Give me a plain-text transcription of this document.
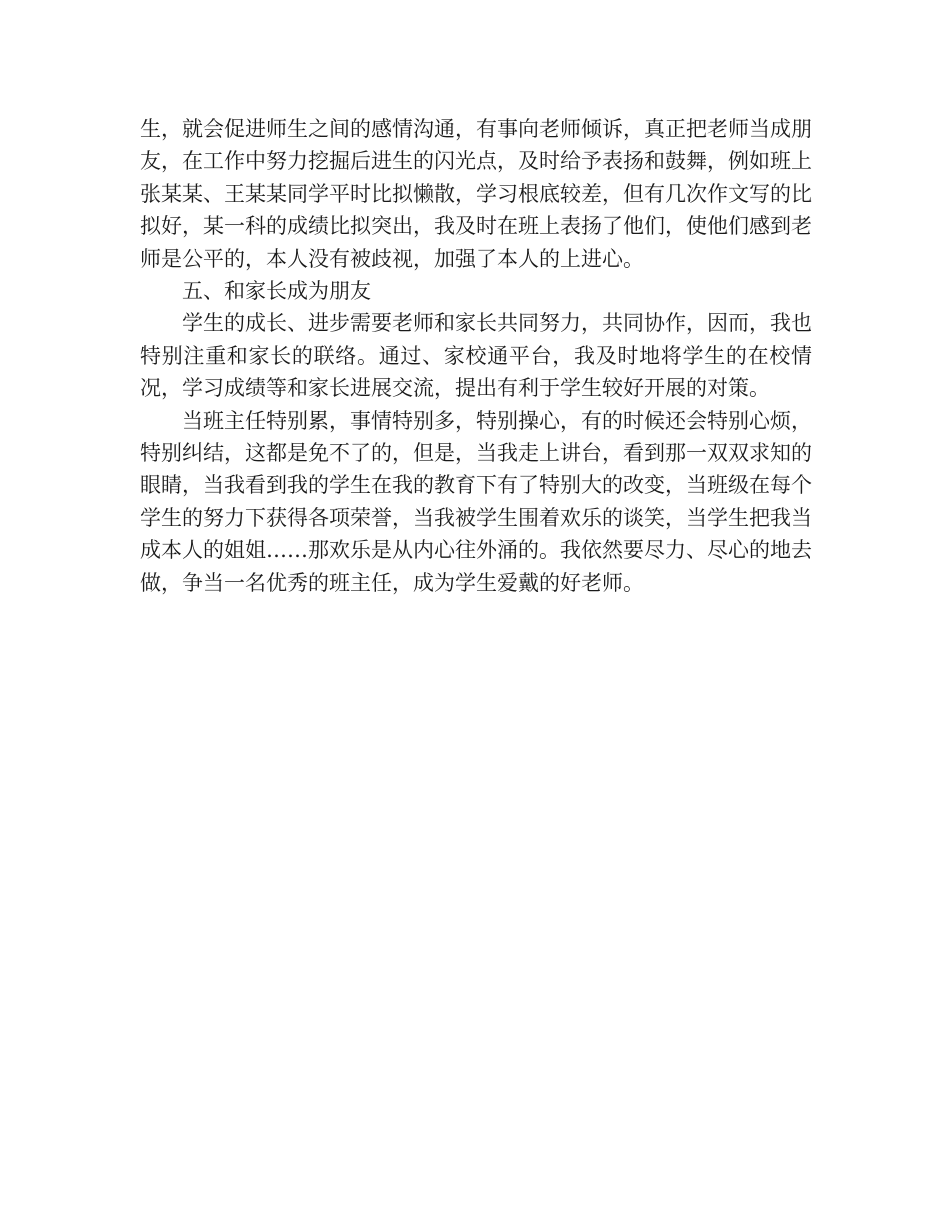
生，就会促进师生之间的感情沟通，有事向老师倾诉，真正把老师当成朋友，在工作中努力挖掘后进生的闪光点，及时给予表扬和鼓舞，例如班上张某某、王某某同学平时比拟懒散，学习根底较差，但有几次作文写的比拟好，某一科的成绩比拟突出，我及时在班上表扬了他们，使他们感到老师是公平的，本人没有被歧视，加强了本人的上进心。

五、和家长成为朋友

学生的成长、进步需要老师和家长共同努力，共同协作，因而，我也特别注重和家长的联络。通过、家校通平台，我及时地将学生的在校情况，学习成绩等和家长进展交流，提出有利于学生较好开展的对策。

当班主任特别累，事情特别多，特别操心，有的时候还会特别心烦，特别纠结，这都是免不了的，但是，当我走上讲台，看到那一双双求知的眼睛，当我看到我的学生在我的教育下有了特别大的改变，当班级在每个学生的努力下获得各项荣誉，当我被学生围着欢乐的谈笑，当学生把我当成本人的姐姐……那欢乐是从内心往外涌的。我依然要尽力、尽心的地去做，争当一名优秀的班主任，成为学生爱戴的好老师。
